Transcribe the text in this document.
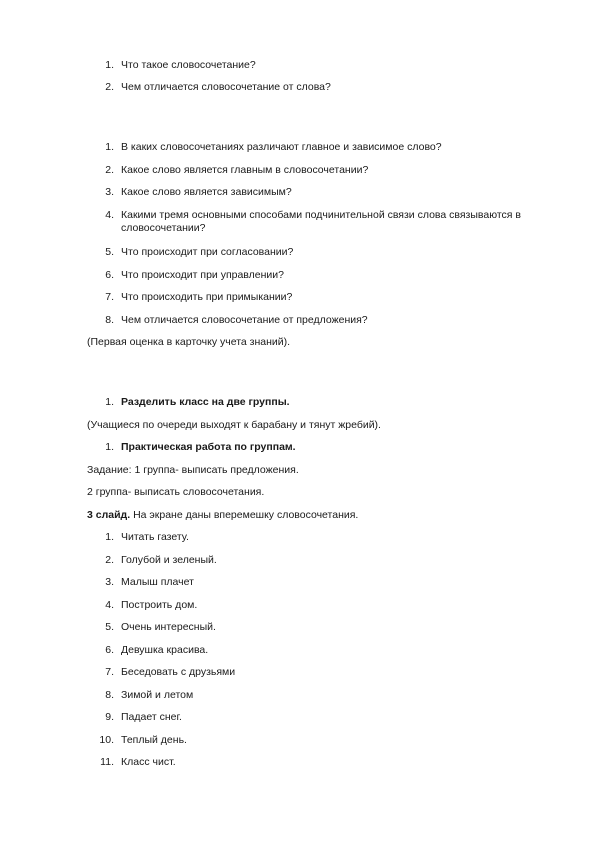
1. Что такое словосочетание?
2. Чем отличается словосочетание от слова?
1. В каких словосочетаниях различают главное и зависимое слово?
2. Какое слово является главным в словосочетании?
3. Какое слово является зависимым?
4. Какими тремя основными способами подчинительной связи слова связываются в словосочетании?
5. Что происходит при согласовании?
6. Что происходит при управлении?
7. Что происходить при примыкании?
8. Чем отличается словосочетание от предложения?

(Первая оценка в карточку учета знаний).

1. Разделить класс на две группы.

(Учащиеся по очереди выходят к барабану и тянут жребий).

1. Практическая работа по группам.

Задание: 1 группа- выписать предложения.

2 группа- выписать словосочетания.

3 слайд. На экране даны вперемешку словосочетания.

1. Читать газету.
2. Голубой и зеленый.
3. Малыш плачет
4. Построить дом.
5. Очень интересный.
6. Девушка красива.
7. Беседовать с друзьями
8. Зимой и летом
9. Падает снег.
10. Теплый день.
11. Класс чист.
